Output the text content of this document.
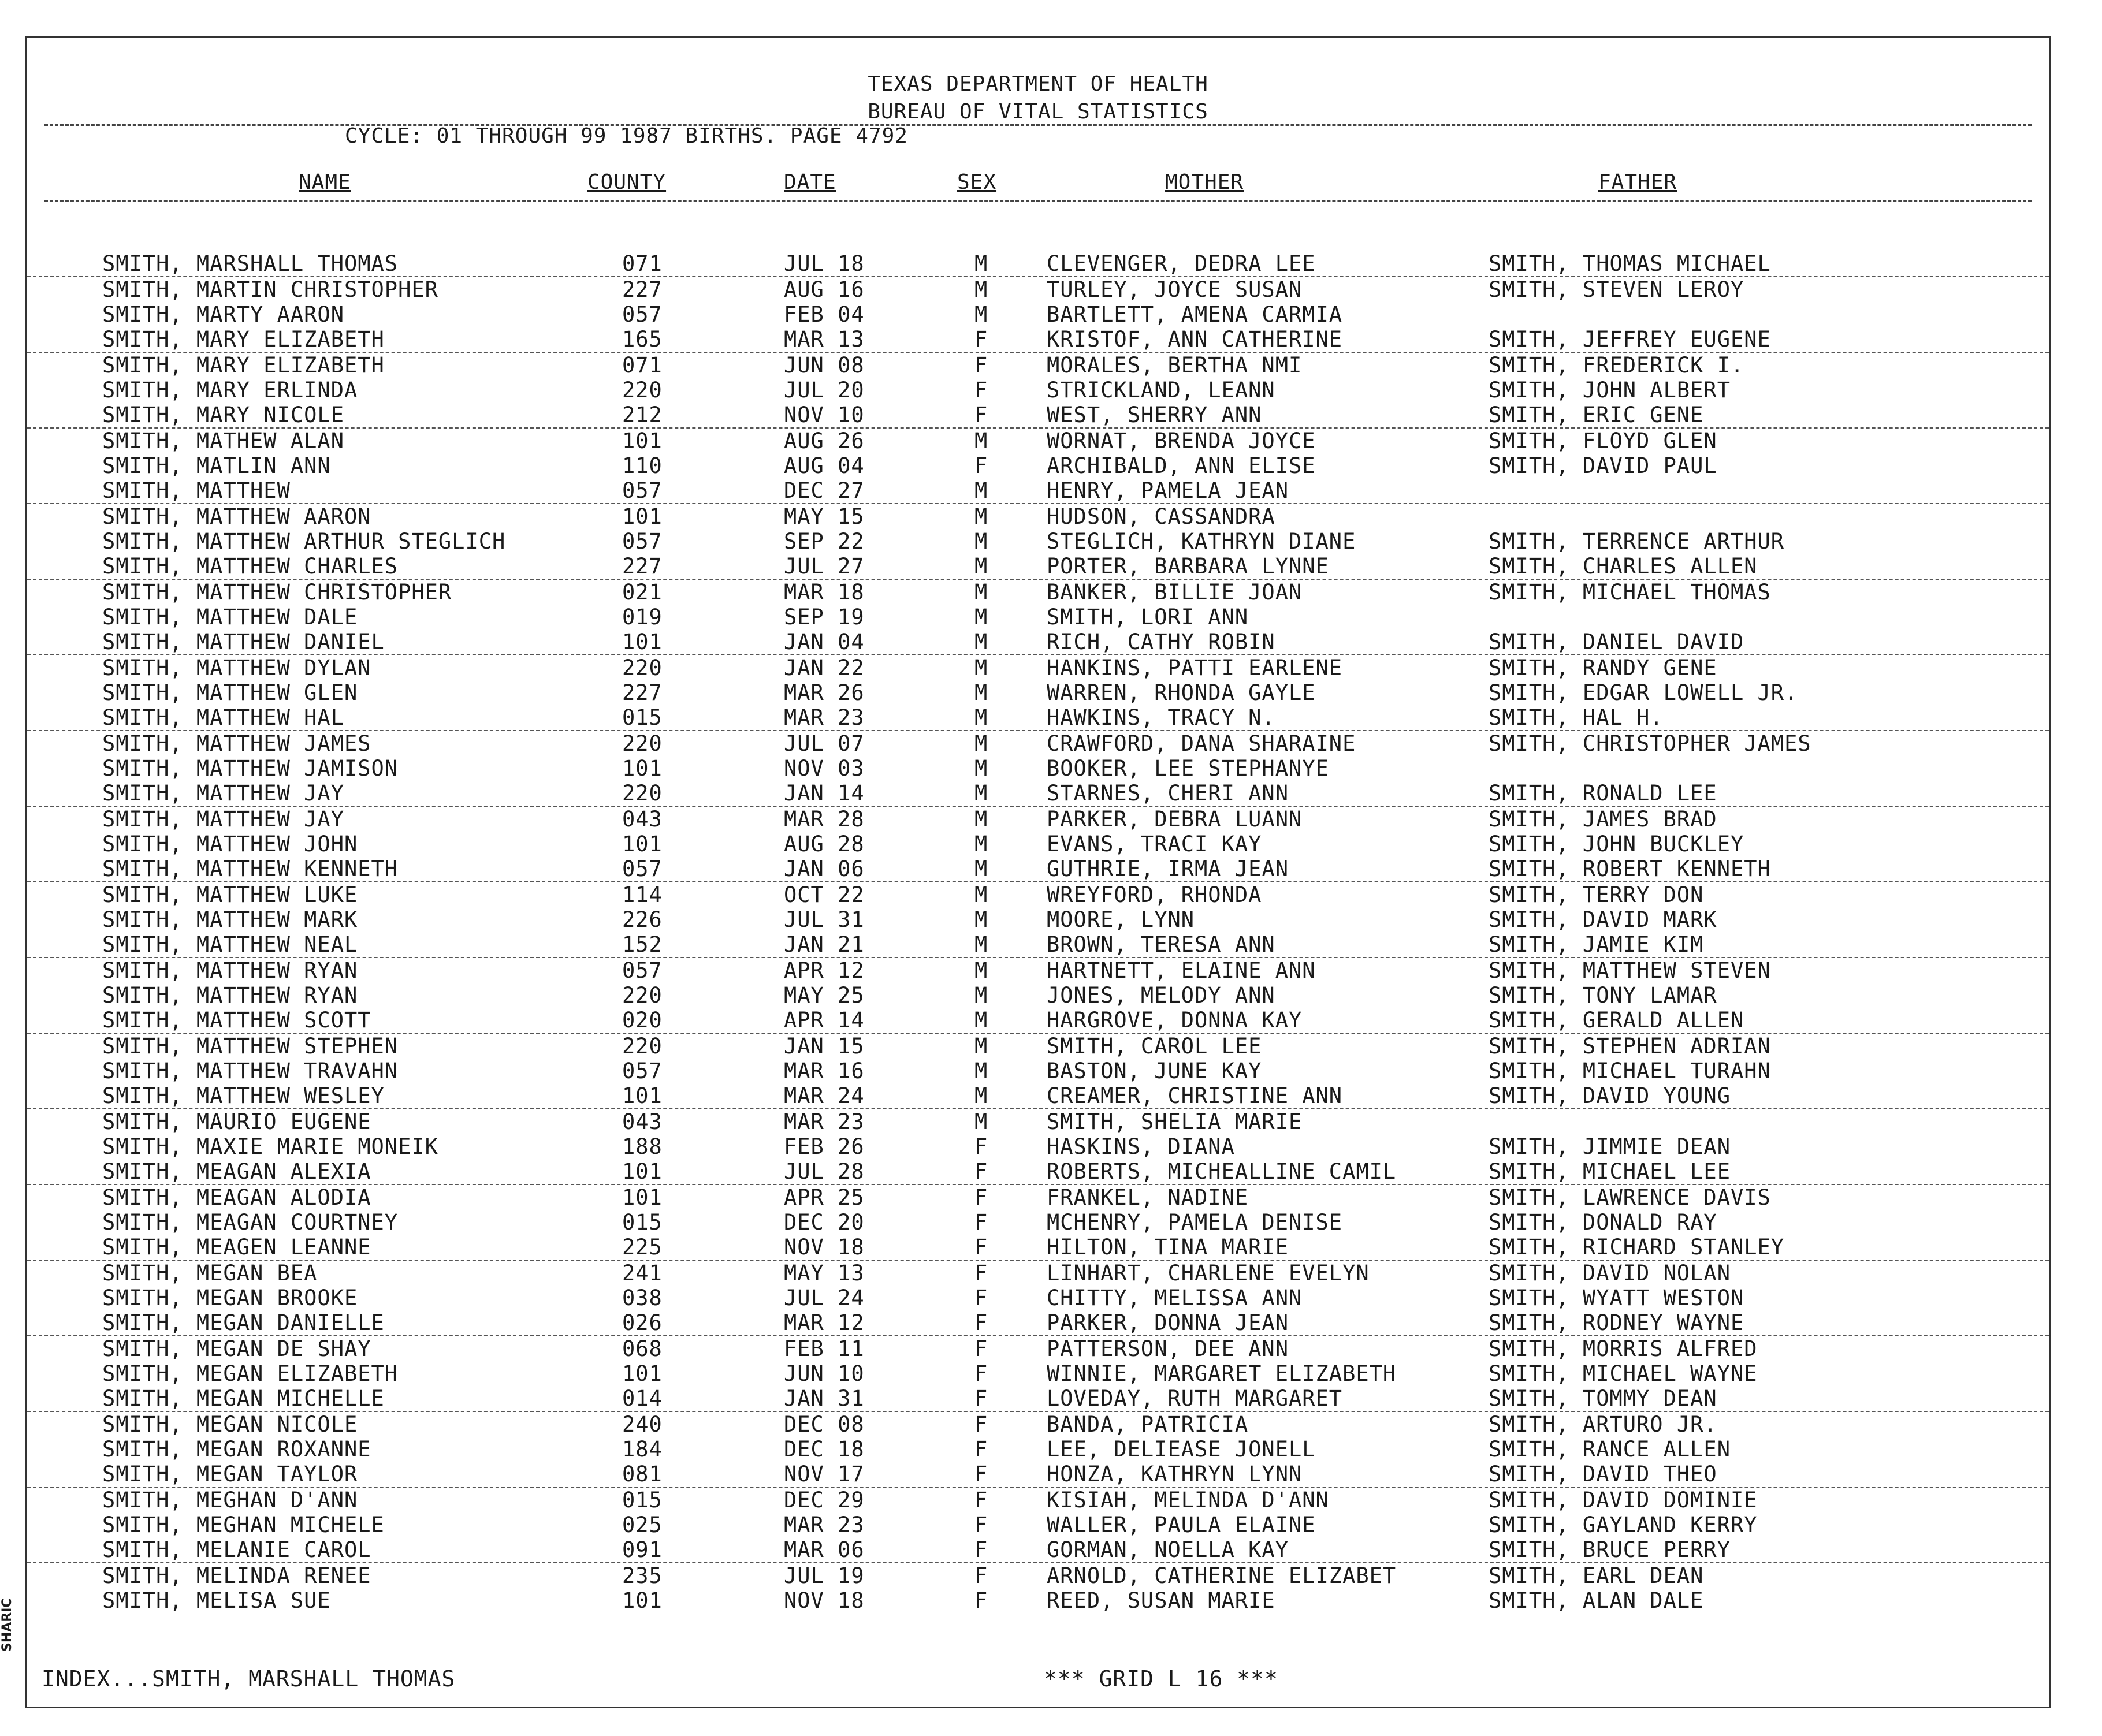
TEXAS DEPARTMENT OF HEALTH
BUREAU OF VITAL STATISTICS
CYCLE: 01 THROUGH 99 1987 BIRTHS. PAGE 4792
NAME	COUNTY	DATE	SEX	MOTHER	FATHER
SMITH, MARSHALL THOMAS	071	JUL 18	M	CLEVENGER, DEDRA LEE	SMITH, THOMAS MICHAEL
SMITH, MARTIN CHRISTOPHER	227	AUG 16	M	TURLEY, JOYCE SUSAN	SMITH, STEVEN LEROY
SMITH, MARTY AARON	057	FEB 04	M	BARTLETT, AMENA CARMIA
SMITH, MARY ELIZABETH	165	MAR 13	F	KRISTOF, ANN CATHERINE	SMITH, JEFFREY EUGENE
SMITH, MARY ELIZABETH	071	JUN 08	F	MORALES, BERTHA NMI	SMITH, FREDERICK I.
SMITH, MARY ERLINDA	220	JUL 20	F	STRICKLAND, LEANN	SMITH, JOHN ALBERT
SMITH, MARY NICOLE	212	NOV 10	F	WEST, SHERRY ANN	SMITH, ERIC GENE
SMITH, MATHEW ALAN	101	AUG 26	M	WORNAT, BRENDA JOYCE	SMITH, FLOYD GLEN
SMITH, MATLIN ANN	110	AUG 04	F	ARCHIBALD, ANN ELISE	SMITH, DAVID PAUL
SMITH, MATTHEW	057	DEC 27	M	HENRY, PAMELA JEAN
SMITH, MATTHEW AARON	101	MAY 15	M	HUDSON, CASSANDRA
SMITH, MATTHEW ARTHUR STEGLICH	057	SEP 22	M	STEGLICH, KATHRYN DIANE	SMITH, TERRENCE ARTHUR
SMITH, MATTHEW CHARLES	227	JUL 27	M	PORTER, BARBARA LYNNE	SMITH, CHARLES ALLEN
SMITH, MATTHEW CHRISTOPHER	021	MAR 18	M	BANKER, BILLIE JOAN	SMITH, MICHAEL THOMAS
SMITH, MATTHEW DALE	019	SEP 19	M	SMITH, LORI ANN
SMITH, MATTHEW DANIEL	101	JAN 04	M	RICH, CATHY ROBIN	SMITH, DANIEL DAVID
SMITH, MATTHEW DYLAN	220	JAN 22	M	HANKINS, PATTI EARLENE	SMITH, RANDY GENE
SMITH, MATTHEW GLEN	227	MAR 26	M	WARREN, RHONDA GAYLE	SMITH, EDGAR LOWELL JR.
SMITH, MATTHEW HAL	015	MAR 23	M	HAWKINS, TRACY N.	SMITH, HAL H.
SMITH, MATTHEW JAMES	220	JUL 07	M	CRAWFORD, DANA SHARAINE	SMITH, CHRISTOPHER JAMES
SMITH, MATTHEW JAMISON	101	NOV 03	M	BOOKER, LEE STEPHANYE
SMITH, MATTHEW JAY	220	JAN 14	M	STARNES, CHERI ANN	SMITH, RONALD LEE
SMITH, MATTHEW JAY	043	MAR 28	M	PARKER, DEBRA LUANN	SMITH, JAMES BRAD
SMITH, MATTHEW JOHN	101	AUG 28	M	EVANS, TRACI KAY	SMITH, JOHN BUCKLEY
SMITH, MATTHEW KENNETH	057	JAN 06	M	GUTHRIE, IRMA JEAN	SMITH, ROBERT KENNETH
SMITH, MATTHEW LUKE	114	OCT 22	M	WREYFORD, RHONDA	SMITH, TERRY DON
SMITH, MATTHEW MARK	226	JUL 31	M	MOORE, LYNN	SMITH, DAVID MARK
SMITH, MATTHEW NEAL	152	JAN 21	M	BROWN, TERESA ANN	SMITH, JAMIE KIM
SMITH, MATTHEW RYAN	057	APR 12	M	HARTNETT, ELAINE ANN	SMITH, MATTHEW STEVEN
SMITH, MATTHEW RYAN	220	MAY 25	M	JONES, MELODY ANN	SMITH, TONY LAMAR
SMITH, MATTHEW SCOTT	020	APR 14	M	HARGROVE, DONNA KAY	SMITH, GERALD ALLEN
SMITH, MATTHEW STEPHEN	220	JAN 15	M	SMITH, CAROL LEE	SMITH, STEPHEN ADRIAN
SMITH, MATTHEW TRAVAHN	057	MAR 16	M	BASTON, JUNE KAY	SMITH, MICHAEL TURAHN
SMITH, MATTHEW WESLEY	101	MAR 24	M	CREAMER, CHRISTINE ANN	SMITH, DAVID YOUNG
SMITH, MAURIO EUGENE	043	MAR 23	M	SMITH, SHELIA MARIE
SMITH, MAXIE MARIE MONEIK	188	FEB 26	F	HASKINS, DIANA	SMITH, JIMMIE DEAN
SMITH, MEAGAN ALEXIA	101	JUL 28	F	ROBERTS, MICHEALLINE CAMIL	SMITH, MICHAEL LEE
SMITH, MEAGAN ALODIA	101	APR 25	F	FRANKEL, NADINE	SMITH, LAWRENCE DAVIS
SMITH, MEAGAN COURTNEY	015	DEC 20	F	MCHENRY, PAMELA DENISE	SMITH, DONALD RAY
SMITH, MEAGEN LEANNE	225	NOV 18	F	HILTON, TINA MARIE	SMITH, RICHARD STANLEY
SMITH, MEGAN BEA	241	MAY 13	F	LINHART, CHARLENE EVELYN	SMITH, DAVID NOLAN
SMITH, MEGAN BROOKE	038	JUL 24	F	CHITTY, MELISSA ANN	SMITH, WYATT WESTON
SMITH, MEGAN DANIELLE	026	MAR 12	F	PARKER, DONNA JEAN	SMITH, RODNEY WAYNE
SMITH, MEGAN DE SHAY	068	FEB 11	F	PATTERSON, DEE ANN	SMITH, MORRIS ALFRED
SMITH, MEGAN ELIZABETH	101	JUN 10	F	WINNIE, MARGARET ELIZABETH	SMITH, MICHAEL WAYNE
SMITH, MEGAN MICHELLE	014	JAN 31	F	LOVEDAY, RUTH MARGARET	SMITH, TOMMY DEAN
SMITH, MEGAN NICOLE	240	DEC 08	F	BANDA, PATRICIA	SMITH, ARTURO JR.
SMITH, MEGAN ROXANNE	184	DEC 18	F	LEE, DELIEASE JONELL	SMITH, RANCE ALLEN
SMITH, MEGAN TAYLOR	081	NOV 17	F	HONZA, KATHRYN LYNN	SMITH, DAVID THEO
SMITH, MEGHAN D'ANN	015	DEC 29	F	KISIAH, MELINDA D'ANN	SMITH, DAVID DOMINIE
SMITH, MEGHAN MICHELE	025	MAR 23	F	WALLER, PAULA ELAINE	SMITH, GAYLAND KERRY
SMITH, MELANIE CAROL	091	MAR 06	F	GORMAN, NOELLA KAY	SMITH, BRUCE PERRY
SMITH, MELINDA RENEE	235	JUL 19	F	ARNOLD, CATHERINE ELIZABET	SMITH, EARL DEAN
SMITH, MELISA SUE	101	NOV 18	F	REED, SUSAN MARIE	SMITH, ALAN DALE
INDEX...SMITH, MARSHALL THOMAS	*** GRID L 16 ***
SHARIC
